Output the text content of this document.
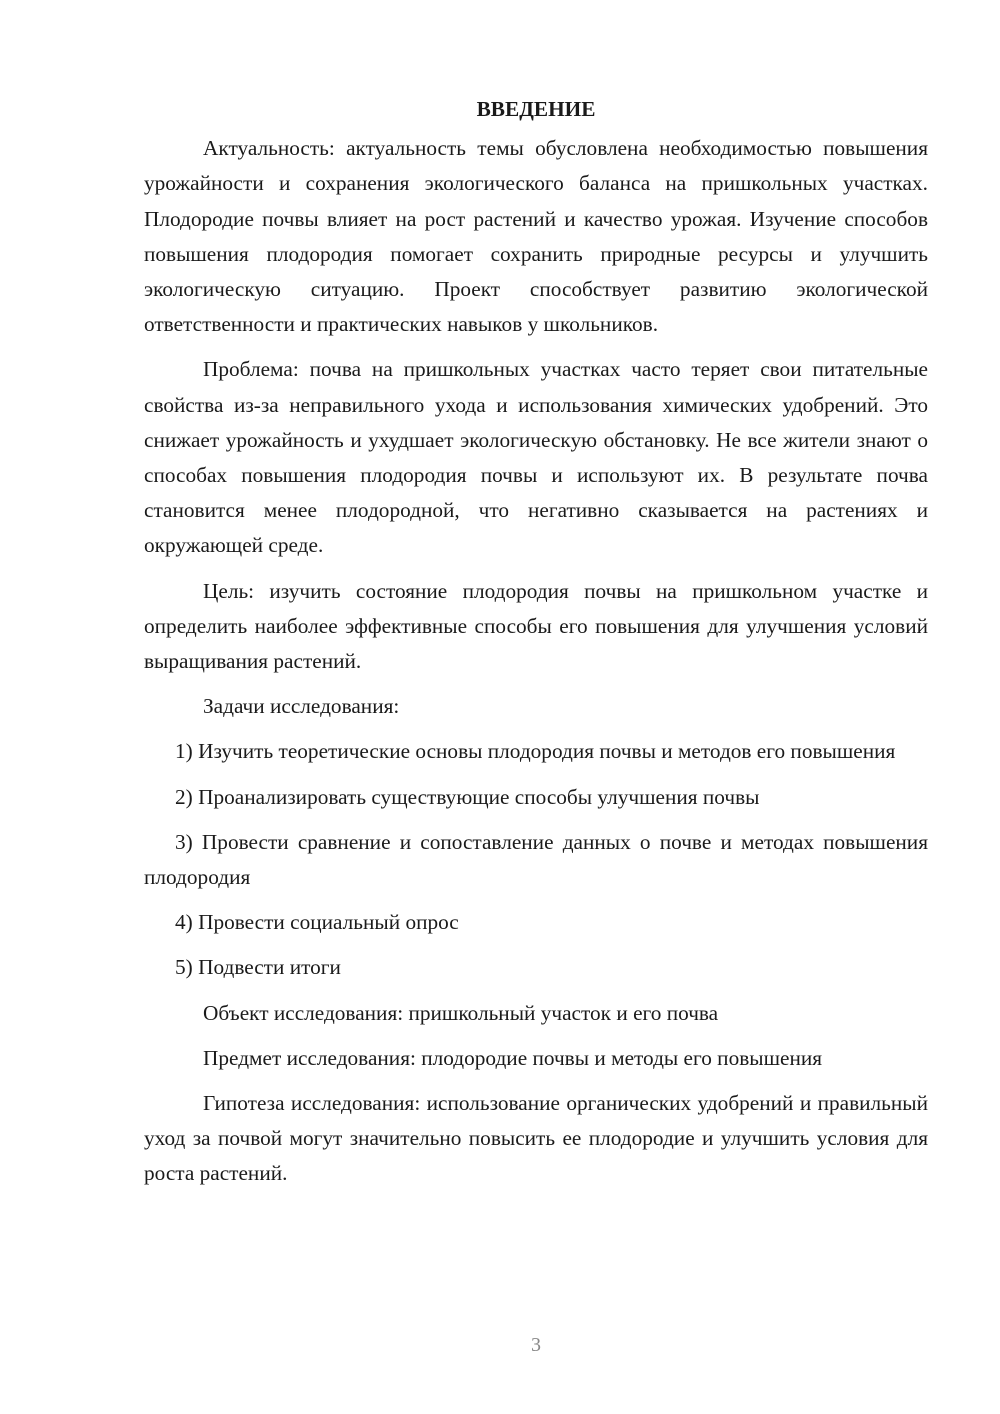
ВВЕДЕНИЕ

Актуальность: актуальность темы обусловлена необходимостью повышения урожайности и сохранения экологического баланса на пришкольных участках. Плодородие почвы влияет на рост растений и качество урожая. Изучение способов повышения плодородия помогает сохранить природные ресурсы и улучшить экологическую ситуацию. Проект способствует развитию экологической ответственности и практических навыков у школьников.

Проблема: почва на пришкольных участках часто теряет свои питательные свойства из-за неправильного ухода и использования химических удобрений. Это снижает урожайность и ухудшает экологическую обстановку. Не все жители знают о способах повышения плодородия почвы и используют их. В результате почва становится менее плодородной, что негативно сказывается на растениях и окружающей среде.

Цель: изучить состояние плодородия почвы на пришкольном участке и определить наиболее эффективные способы его повышения для улучшения условий выращивания растений.

Задачи исследования:

1) Изучить теоретические основы плодородия почвы и методов его повышения

2) Проанализировать существующие способы улучшения почвы

3) Провести сравнение и сопоставление данных о почве и методах повышения плодородия

4) Провести социальный опрос

5) Подвести итоги

Объект исследования: пришкольный участок и его почва

Предмет исследования: плодородие почвы и методы его повышения

Гипотеза исследования: использование органических удобрений и правильный уход за почвой могут значительно повысить ее плодородие и улучшить условия для роста растений.

3
